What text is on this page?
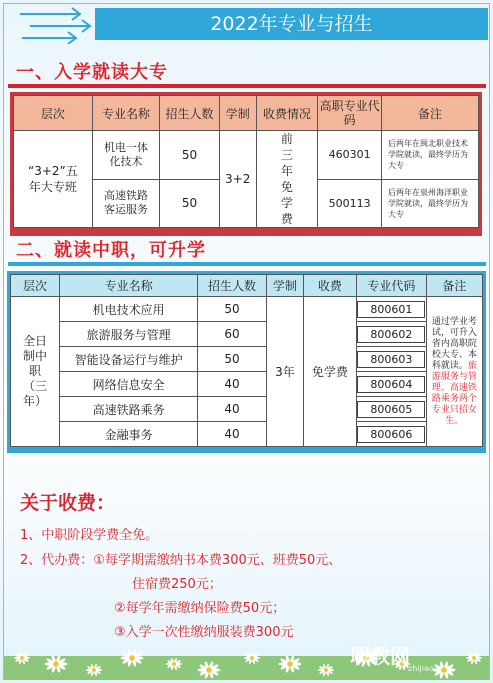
2022年专业与招生
一、入学就读大专
层次	专业名称	招生人数	学制	收费情况	高职专业代码	备注
“3+2”五年大专班	机电一体化技术	50	3+2	前三年免学费	460301	后两年在闽北职业技术学院就读，最终学历为大专
	高速铁路客运服务	50			500113	后两年在泉州海洋职业学院就读，最终学历为大专
二、就读中职，可升学
层次	专业名称	招生人数	学制	收费	专业代码	备注
全日制中职（三年）	机电技术应用	50	3年	免学费	800601	通过学业考试，可升入省内高职院校大专、本科就读。旅游服务与管理、高速铁路乘务两个专业只招女生。
	旅游服务与管理	60			800602	
	智能设备运行与维护	50			800603	
	网络信息安全	40			800604	
	高速铁路乘务	40			800605	
	金融事务	40			800606	
关于收费：
1、中职阶段学费全免。
2、代办费：①每学期需缴纳书本费300元、班费50元、
住宿费250元；
②每学年需缴纳保险费50元；
③入学一次性缴纳服装费300元
职教网
zhijiao
